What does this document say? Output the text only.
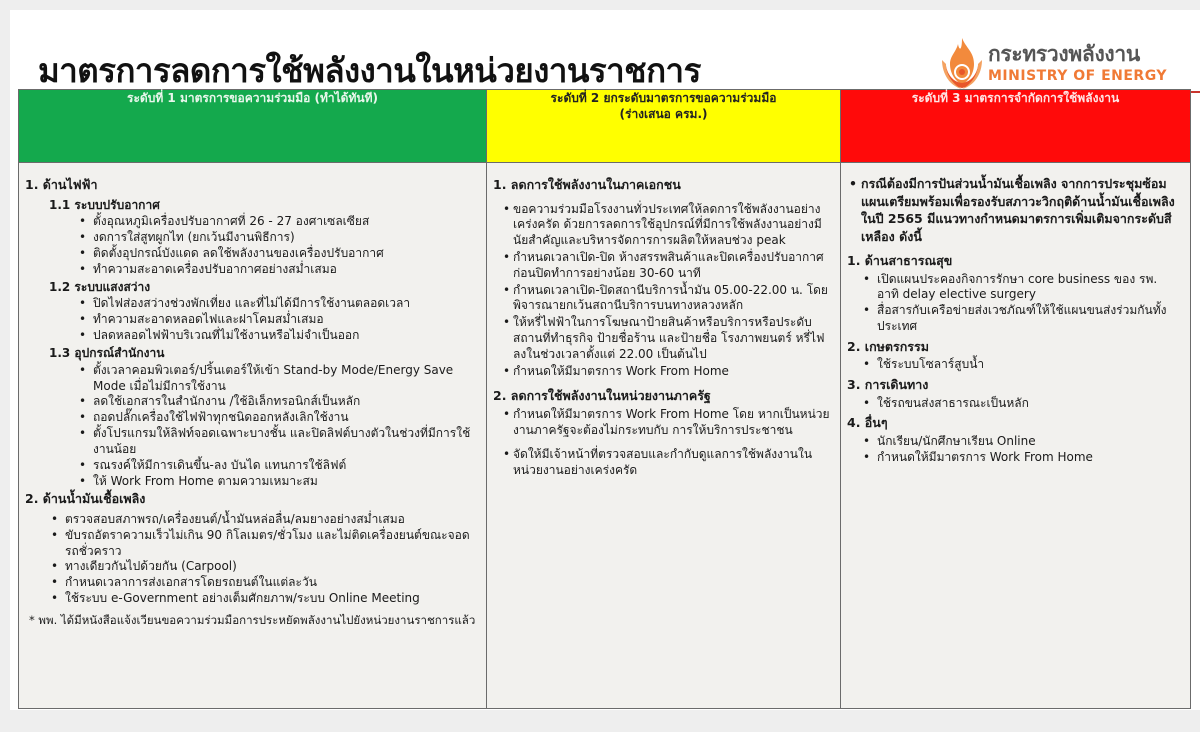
มาตรการลดการใช้พลังงานในหน่วยงานราชการ	กระทรวงพลังงาน
MINISTRY OF ENERGY
ระดับที่ 1 มาตรการขอความร่วมมือ (ทำได้ทันที)	ระดับที่ 2 ยกระดับมาตรการขอความร่วมมือ
(ร่างเสนอ ครม.)	ระดับที่ 3 มาตรการจำกัดการใช้พลังงาน

1. ด้านไฟฟ้า
1.1 ระบบปรับอากาศ
• ตั้งอุณหภูมิเครื่องปรับอากาศที่ 26 - 27 องศาเซลเซียส
• งดการใส่สูทผูกไท (ยกเว้นมีงานพิธีการ)
• ติดตั้งอุปกรณ์บังแดด ลดใช้พลังงานของเครื่องปรับอากาศ
• ทำความสะอาดเครื่องปรับอากาศอย่างสม่ำเสมอ
1.2 ระบบแสงสว่าง
• ปิดไฟส่องสว่างช่วงพักเที่ยง และที่ไม่ได้มีการใช้งานตลอดเวลา
• ทำความสะอาดหลอดไฟและฝาโคมสม่ำเสมอ
• ปลดหลอดไฟฟ้าบริเวณที่ไม่ใช้งานหรือไม่จำเป็นออก
1.3 อุปกรณ์สำนักงาน
• ตั้งเวลาคอมพิวเตอร์/ปริ้นเตอร์ให้เข้า Stand-by Mode/Energy Save Mode เมื่อไม่มีการใช้งาน
• ลดใช้เอกสารในสำนักงาน /ใช้อิเล็กทรอนิกส์เป็นหลัก
• ถอดปลั๊กเครื่องใช้ไฟฟ้าทุกชนิดออกหลังเลิกใช้งาน
• ตั้งโปรแกรมให้ลิฟท์จอดเฉพาะบางชั้น และปิดลิฟต์บางตัวในช่วงที่มีการใช้งานน้อย
• รณรงค์ให้มีการเดินขึ้น-ลง บันได แทนการใช้ลิฟต์
• ให้ Work From Home ตามความเหมาะสม
2. ด้านน้ำมันเชื้อเพลิง
• ตรวจสอบสภาพรถ/เครื่องยนต์/น้ำมันหล่อลื่น/ลมยางอย่างสม่ำเสมอ
• ขับรถอัตราความเร็วไม่เกิน 90 กิโลเมตร/ชั่วโมง และไม่ติดเครื่องยนต์ขณะจอดรถชั่วคราว
• ทางเดียวกันไปด้วยกัน (Carpool)
• กำหนดเวลาการส่งเอกสารโดยรถยนต์ในแต่ละวัน
• ใช้ระบบ e-Government อย่างเต็มศักยภาพ/ระบบ Online Meeting
* พพ. ได้มีหนังสือแจ้งเวียนขอความร่วมมือการประหยัดพลังงานไปยังหน่วยงานราชการแล้ว

1. ลดการใช้พลังงานในภาคเอกชน
• ขอความร่วมมือโรงงานทั่วประเทศให้ลดการใช้พลังงานอย่างเคร่งครัด ด้วยการลดการใช้อุปกรณ์ที่มีการใช้พลังงานอย่างมีนัยสำคัญและบริหารจัดการการผลิตให้หลบช่วง peak
• กำหนดเวลาเปิด-ปิด ห้างสรรพสินค้าและปิดเครื่องปรับอากาศก่อนปิดทำการอย่างน้อย 30-60 นาที
• กำหนดเวลาเปิด-ปิดสถานีบริการน้ำมัน 05.00-22.00 น. โดยพิจารณายกเว้นสถานีบริการบนทางหลวงหลัก
• ให้หรี่ไฟฟ้าในการโฆษณาป้ายสินค้าหรือบริการหรือประดับสถานที่ทำธุรกิจ ป้ายชื่อร้าน และป้ายชื่อ โรงภาพยนตร์ หรี่ไฟลงในช่วงเวลาตั้งแต่ 22.00 เป็นต้นไป
• กำหนดให้มีมาตรการ Work From Home
2. ลดการใช้พลังงานในหน่วยงานภาครัฐ
• กำหนดให้มีมาตรการ Work From Home โดย หากเป็นหน่วยงานภาครัฐจะต้องไม่กระทบกับ การให้บริการประชาชน
• จัดให้มีเจ้าหน้าที่ตรวจสอบและกำกับดูแลการใช้พลังงานในหน่วยงานอย่างเคร่งครัด

• กรณีต้องมีการปันส่วนน้ำมันเชื้อเพลิง จากการประชุมซ้อมแผนเตรียมพร้อมเพื่อรองรับสภาวะวิกฤติด้านน้ำมันเชื้อเพลิง ในปี 2565 มีแนวทางกำหนดมาตรการเพิ่มเติมจากระดับสีเหลือง ดังนี้
1. ด้านสาธารณสุข
• เปิดแผนประคองกิจการรักษา core business ของ รพ. อาทิ delay elective surgery
• สื่อสารกับเครือข่ายส่งเวชภัณฑ์ให้ใช้แผนขนส่งร่วมกันทั้งประเทศ
2. เกษตรกรรม
• ใช้ระบบโซลาร์สูบน้ำ
3. การเดินทาง
• ใช้รถขนส่งสาธารณะเป็นหลัก
4. อื่นๆ
• นักเรียน/นักศึกษาเรียน Online
• กำหนดให้มีมาตรการ Work From Home
